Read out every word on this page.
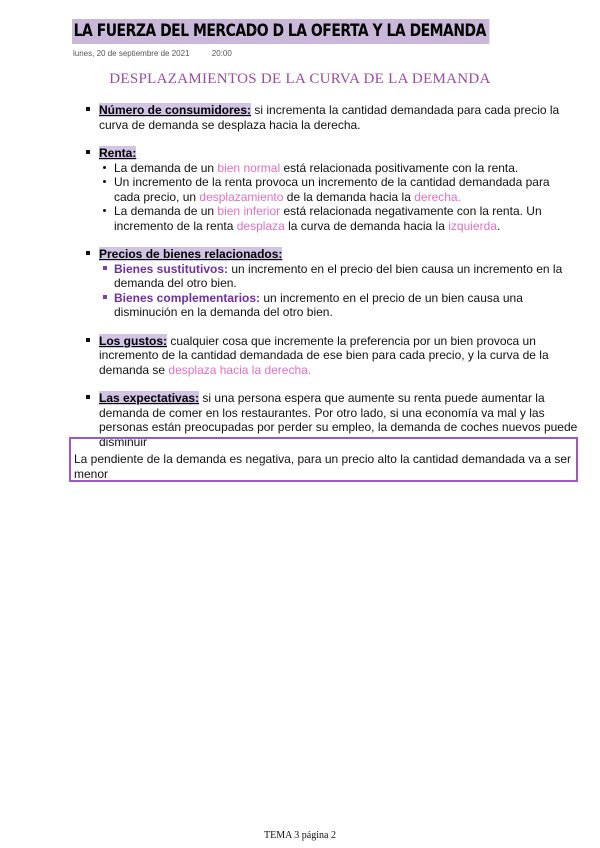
LA FUERZA DEL MERCADO D LA OFERTA Y LA DEMANDA
lunes, 20 de septiembre de 2021	20:00
DESPLAZAMIENTOS DE LA CURVA DE LA DEMANDA
Número de consumidores: si incrementa la cantidad demandada para cada precio la curva de demanda se desplaza hacia la derecha.
Renta:
La demanda de un bien normal está relacionada positivamente con la renta.
Un incremento de la renta provoca un incremento de la cantidad demandada para cada precio, un desplazamiento de la demanda hacia la derecha.
La demanda de un bien inferior está relacionada negativamente con la renta. Un incremento de la renta desplaza la curva de demanda hacia la izquierda.
Precios de bienes relacionados:
Bienes sustitutivos: un incremento en el precio del bien causa un incremento en la demanda del otro bien.
Bienes complementarios: un incremento en el precio de un bien causa una disminución en la demanda del otro bien.
Los gustos: cualquier cosa que incremente la preferencia por un bien provoca un incremento de la cantidad demandada de ese bien para cada precio, y la curva de la demanda se desplaza hacia la derecha.
Las expectativas: si una persona espera que aumente su renta puede aumentar la demanda de comer en los restaurantes. Por otro lado, si una economía va mal y las personas están preocupadas por perder su empleo, la demanda de coches nuevos puede disminuir
La pendiente de la demanda es negativa, para un precio alto la cantidad demandada va a ser menor
TEMA 3 página 2
